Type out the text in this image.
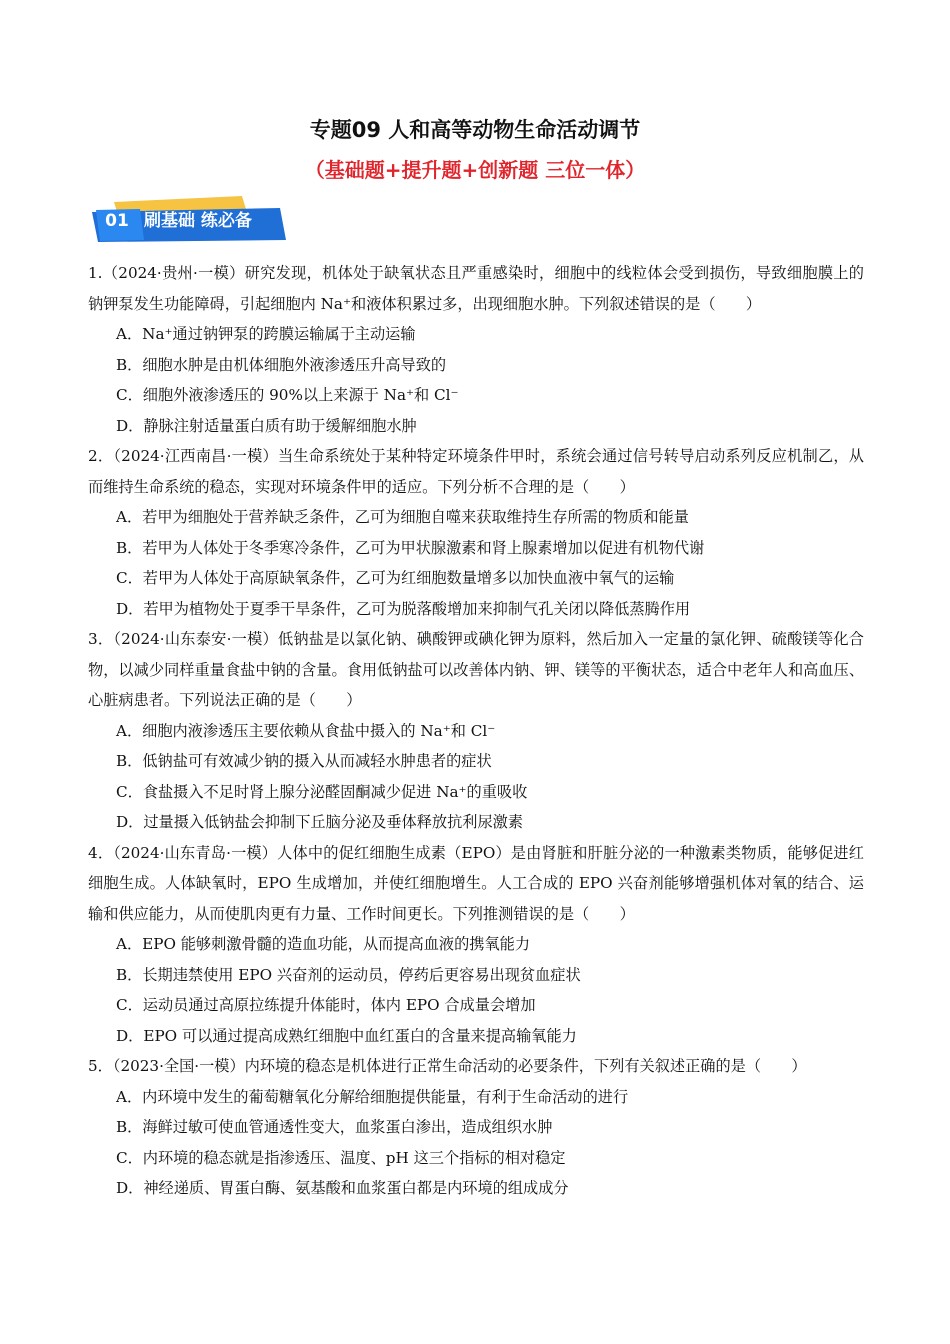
专题09 人和高等动物生命活动调节
（基础题+提升题+创新题 三位一体）
01 刷基础 练必备

1.（2024·贵州·一模）研究发现，机体处于缺氧状态且严重感染时，细胞中的线粒体会受到损伤，导致细胞膜上的钠钾泵发生功能障碍，引起细胞内 Na⁺和液体积累过多，出现细胞水肿。下列叙述错误的是（　　）

A．Na⁺通过钠钾泵的跨膜运输属于主动运输

B．细胞水肿是由机体细胞外液渗透压升高导致的

C．细胞外液渗透压的 90%以上来源于 Na⁺和 Cl⁻

D．静脉注射适量蛋白质有助于缓解细胞水肿

2．（2024·江西南昌·一模）当生命系统处于某种特定环境条件甲时，系统会通过信号转导启动系列反应机制乙，从而维持生命系统的稳态，实现对环境条件甲的适应。下列分析不合理的是（　　）

A．若甲为细胞处于营养缺乏条件，乙可为细胞自噬来获取维持生存所需的物质和能量

B．若甲为人体处于冬季寒冷条件，乙可为甲状腺激素和肾上腺素增加以促进有机物代谢

C．若甲为人体处于高原缺氧条件，乙可为红细胞数量增多以加快血液中氧气的运输

D．若甲为植物处于夏季干旱条件，乙可为脱落酸增加来抑制气孔关闭以降低蒸腾作用

3．（2024·山东泰安·一模）低钠盐是以氯化钠、碘酸钾或碘化钾为原料，然后加入一定量的氯化钾、硫酸镁等化合物，以减少同样重量食盐中钠的含量。食用低钠盐可以改善体内钠、钾、镁等的平衡状态，适合中老年人和高血压、心脏病患者。下列说法正确的是（　　）

A．细胞内液渗透压主要依赖从食盐中摄入的 Na⁺和 Cl⁻

B．低钠盐可有效减少钠的摄入从而减轻水肿患者的症状

C．食盐摄入不足时肾上腺分泌醛固酮减少促进 Na⁺的重吸收

D．过量摄入低钠盐会抑制下丘脑分泌及垂体释放抗利尿激素

4．（2024·山东青岛·一模）人体中的促红细胞生成素（EPO）是由肾脏和肝脏分泌的一种激素类物质，能够促进红细胞生成。人体缺氧时，EPO 生成增加，并使红细胞增生。人工合成的 EPO 兴奋剂能够增强机体对氧的结合、运输和供应能力，从而使肌肉更有力量、工作时间更长。下列推测错误的是（　　）

A．EPO 能够刺激骨髓的造血功能，从而提高血液的携氧能力

B．长期违禁使用 EPO 兴奋剂的运动员，停药后更容易出现贫血症状

C．运动员通过高原拉练提升体能时，体内 EPO 合成量会增加

D．EPO 可以通过提高成熟红细胞中血红蛋白的含量来提高输氧能力

5．（2023·全国·一模）内环境的稳态是机体进行正常生命活动的必要条件，下列有关叙述正确的是（　　）

A．内环境中发生的葡萄糖氧化分解给细胞提供能量，有利于生命活动的进行

B．海鲜过敏可使血管通透性变大，血浆蛋白渗出，造成组织水肿

C．内环境的稳态就是指渗透压、温度、pH 这三个指标的相对稳定

D．神经递质、胃蛋白酶、氨基酸和血浆蛋白都是内环境的组成成分
